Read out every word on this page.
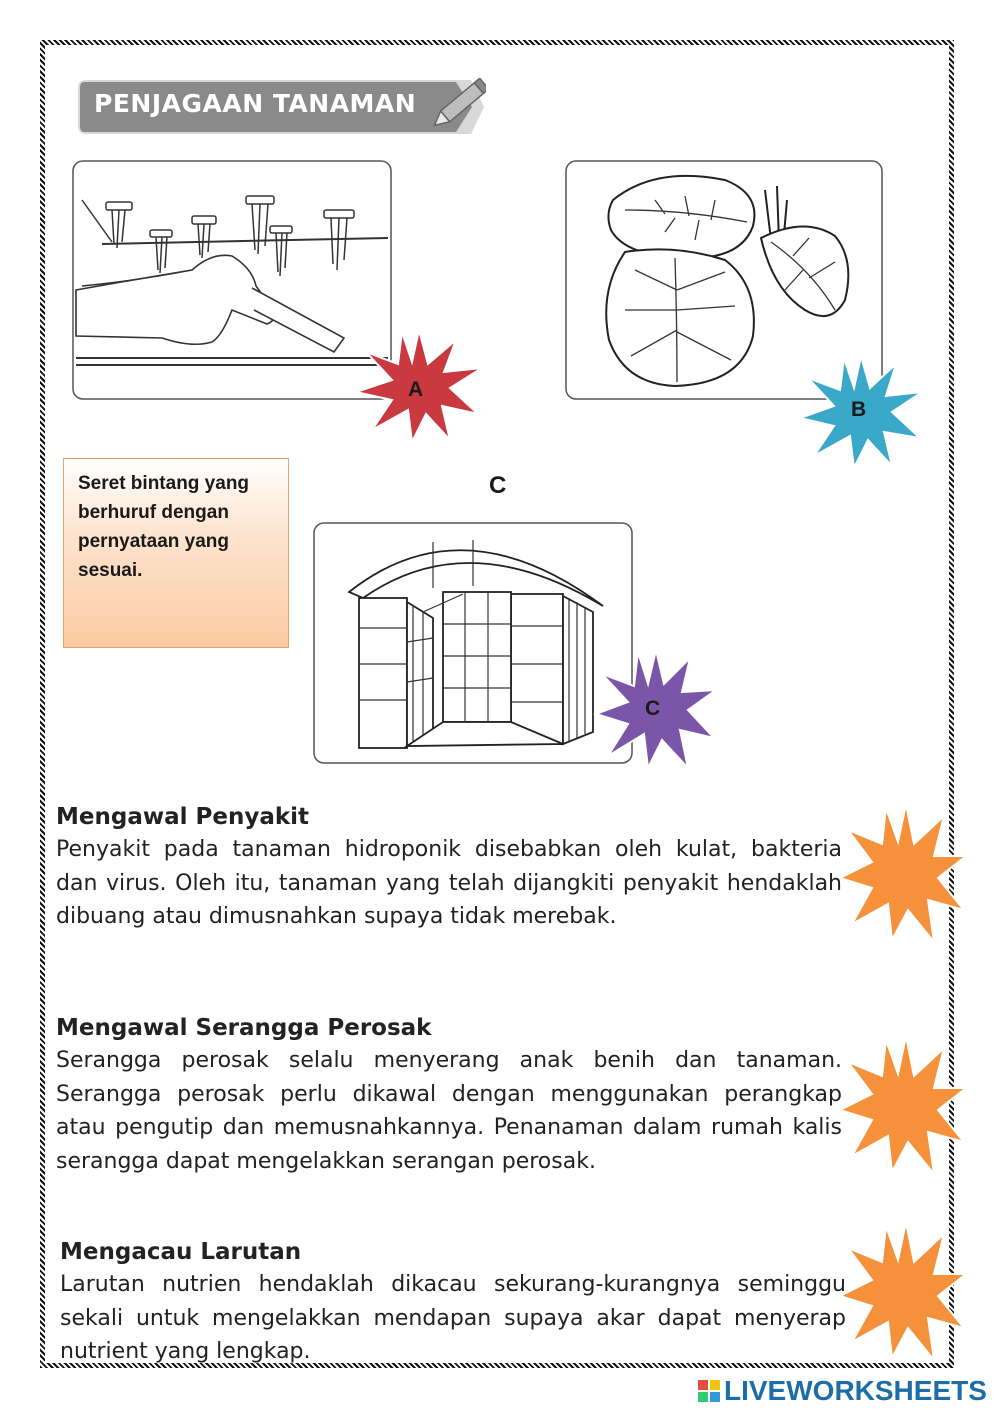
PENJAGAAN TANAMAN
C
Seret bintang yang berhuruf dengan pernyataan yang sesuai.
A
B
C
Mengawal Penyakit
Penyakit pada tanaman hidroponik disebabkan oleh kulat, bakteria dan virus. Oleh itu, tanaman yang telah dijangkiti penyakit hendaklah dibuang atau dimusnahkan supaya tidak merebak.
Mengawal Serangga Perosak
Serangga perosak selalu menyerang anak benih dan tanaman. Serangga perosak perlu dikawal dengan menggunakan perangkap atau pengutip dan memusnahkannya. Penanaman dalam rumah kalis serangga dapat mengelakkan serangan perosak.
Mengacau Larutan
Larutan nutrien hendaklah dikacau sekurang-kurangnya seminggu sekali untuk mengelakkan mendapan supaya akar dapat menyerap nutrient yang lengkap.
LIVEWORKSHEETS
